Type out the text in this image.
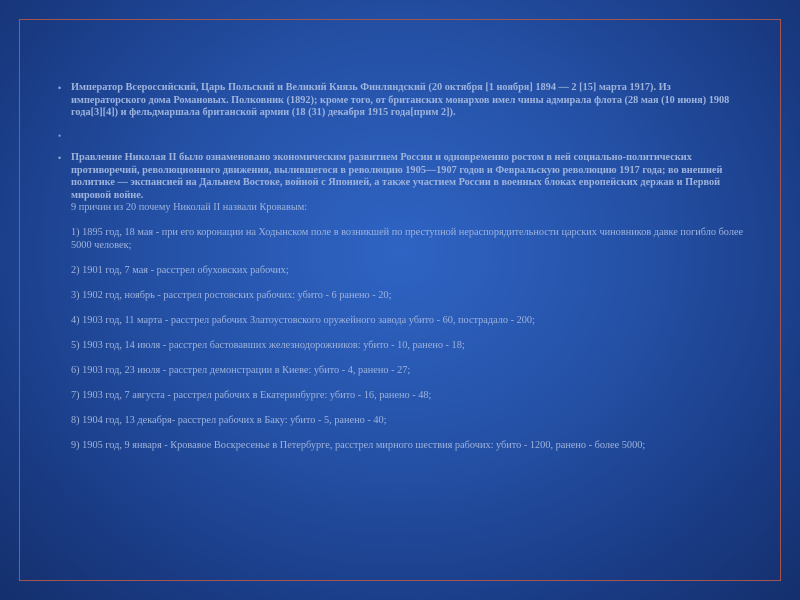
• Император Всероссийский, Царь Польский и Великий Князь Финляндский (20 октября [1 ноября] 1894 — 2 [15] марта 1917). Из императорского дома Романовых. Полковник (1892); кроме того, от британских монархов имел чины адмирала флота (28 мая (10 июня) 1908 года[3][4]) и фельдмаршала британской армии (18 (31) декабря 1915 года[прим 2]).

•

• Правление Николая II было ознаменовано экономическим развитием России и одновременно ростом в ней социально-политических противоречий, революционного движения, вылившегося в революцию 1905—1907 годов и Февральскую революцию 1917 года; во внешней политике — экспансией на Дальнем Востоке, войной с Японией, а также участием России в военных блоках европейских держав и Первой мировой войне.

9 причин из 20 почему Николай II назвали Кровавым:

1) 1895 год, 18 мая - при его коронации на Ходынском поле в возникшей по преступной нераспорядительности царских чиновников давке погибло более 5000 человек;

2) 1901 год, 7 мая - расстрел обуховских рабочих;

3) 1902 год, ноябрь - расстрел ростовских рабочих: убито - 6 ранено - 20;

4) 1903 год, 11 марта - расстрел рабочих Златоустовского оружейного завода убито - 60, пострадало - 200;

5) 1903 год, 14 июля - расстрел бастовавших железнодорожников: убито - 10, ранено - 18;

6) 1903 год, 23 июля - расстрел демонстрации в Киеве: убито - 4, ранено - 27;

7) 1903 год, 7 августа - расстрел рабочих в Екатеринбурге: убито - 16, ранено - 48;

8) 1904 год, 13 декабря- расстрел рабочих в Баку: убито - 5, ранено - 40;

9) 1905 год, 9 января - Кровавое Воскресенье в Петербурге, расстрел мирного шествия рабочих: убито - 1200, ранено - более 5000;
